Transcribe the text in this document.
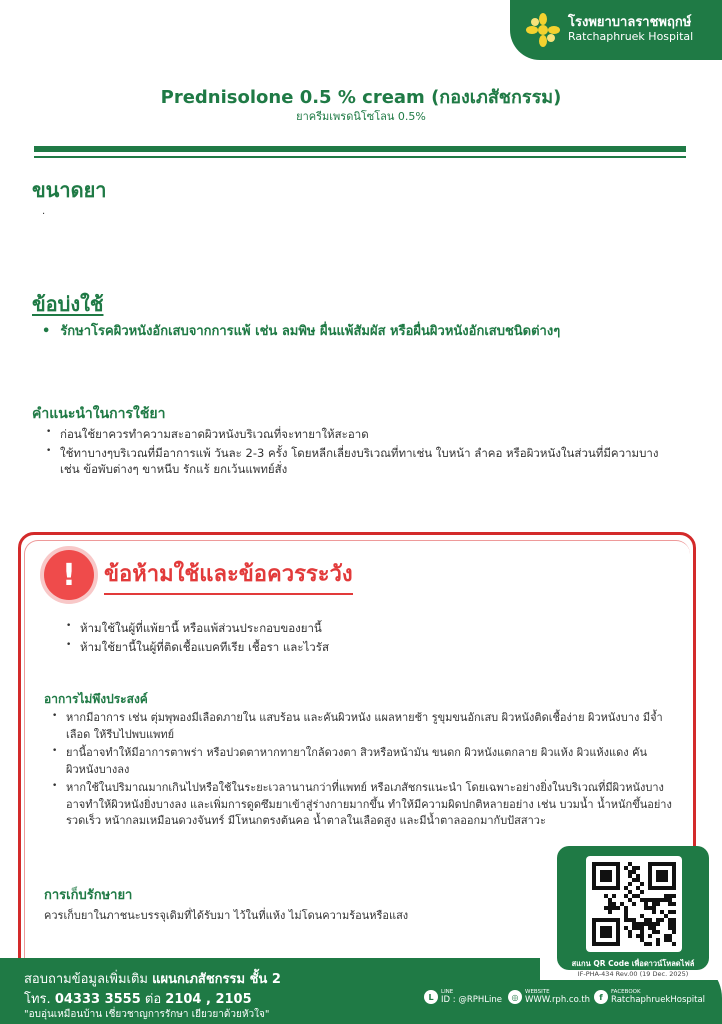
โรงพยาบาลราชพฤกษ์
Ratchaphruek Hospital
Prednisolone 0.5 % cream (กองเภสัชกรรม)
ยาครีมเพรดนิโซโลน 0.5%
ขนาดยา
.
ข้อบ่งใช้
• รักษาโรคผิวหนังอักเสบจากการแพ้ เช่น ลมพิษ ผื่นแพ้สัมผัส หรือผื่นผิวหนังอักเสบชนิดต่างๆ
คำแนะนำในการใช้ยา
• ก่อนใช้ยาควรทำความสะอาดผิวหนังบริเวณที่จะทายาให้สะอาด
• ใช้ทาบางๆบริเวณที่มีอาการแพ้ วันละ 2-3 ครั้ง โดยหลีกเลี่ยงบริเวณที่ทาเช่น ใบหน้า ลำคอ หรือผิวหนังในส่วนที่มีความบาง เช่น ข้อพับต่างๆ ขาหนีบ รักแร้ ยกเว้นแพทย์สั่ง
!	ข้อห้ามใช้และข้อควรระวัง
• ห้ามใช้ในผู้ที่แพ้ยานี้ หรือแพ้ส่วนประกอบของยานี้
• ห้ามใช้ยานี้ในผู้ที่ติดเชื้อแบคทีเรีย เชื้อรา และไวรัส
อาการไม่พึงประสงค์
• หากมีอาการ เช่น ตุ่มพุพองมีเลือดภายใน แสบร้อน และคันผิวหนัง แผลหายช้า รูขุมขนอักเสบ ผิวหนังติดเชื้อง่าย ผิวหนังบาง มีจ้ำเลือด ให้รีบไปพบแพทย์
• ยานี้อาจทำให้มีอาการตาพร่า หรือปวดตาหากทายาใกล้ดวงตา สิวหรือหน้ามัน ขนดก ผิวหนังแตกลาย ผิวแห้ง ผิวแห้งแดง คัน ผิวหนังบางลง
• หากใช้ในปริมาณมากเกินไปหรือใช้ในระยะเวลานานกว่าที่แพทย์ หรือเภสัชกรแนะนำ โดยเฉพาะอย่างยิ่งในบริเวณที่มีผิวหนังบาง อาจทำให้ผิวหนังยิ่งบางลง และเพิ่มการดูดซึมยาเข้าสู่ร่างกายมากขึ้น ทำให้มีความผิดปกติหลายอย่าง เช่น บวมน้ำ น้ำหนักขึ้นอย่างรวดเร็ว หน้ากลมเหมือนดวงจันทร์ มีโหนกตรงต้นคอ น้ำตาลในเลือดสูง และมีน้ำตาลออกมากับปัสสาวะ
การเก็บรักษายา
ควรเก็บยาในภาชนะบรรจุเดิมที่ได้รับมา ไว้ในที่แห้ง ไม่โดนความร้อนหรือแสง
สแกน QR Code เพื่อดาวน์โหลดไฟล์
สอบถามข้อมูลเพิ่มเติม แผนกเภสัชกรรม ชั้น 2
โทร. 04333 3555 ต่อ 2104 , 2105
"อบอุ่นเหมือนบ้าน เชี่ยวชาญการรักษา เยียวยาด้วยหัวใจ"
IF-PHA-434 Rev.00 (19 Dec. 2025)
L
LINE
ID : @RPHLine	◎
WEBSITE
WWW.rph.co.th	f
FACEBOOK
RatchaphruekHospital
